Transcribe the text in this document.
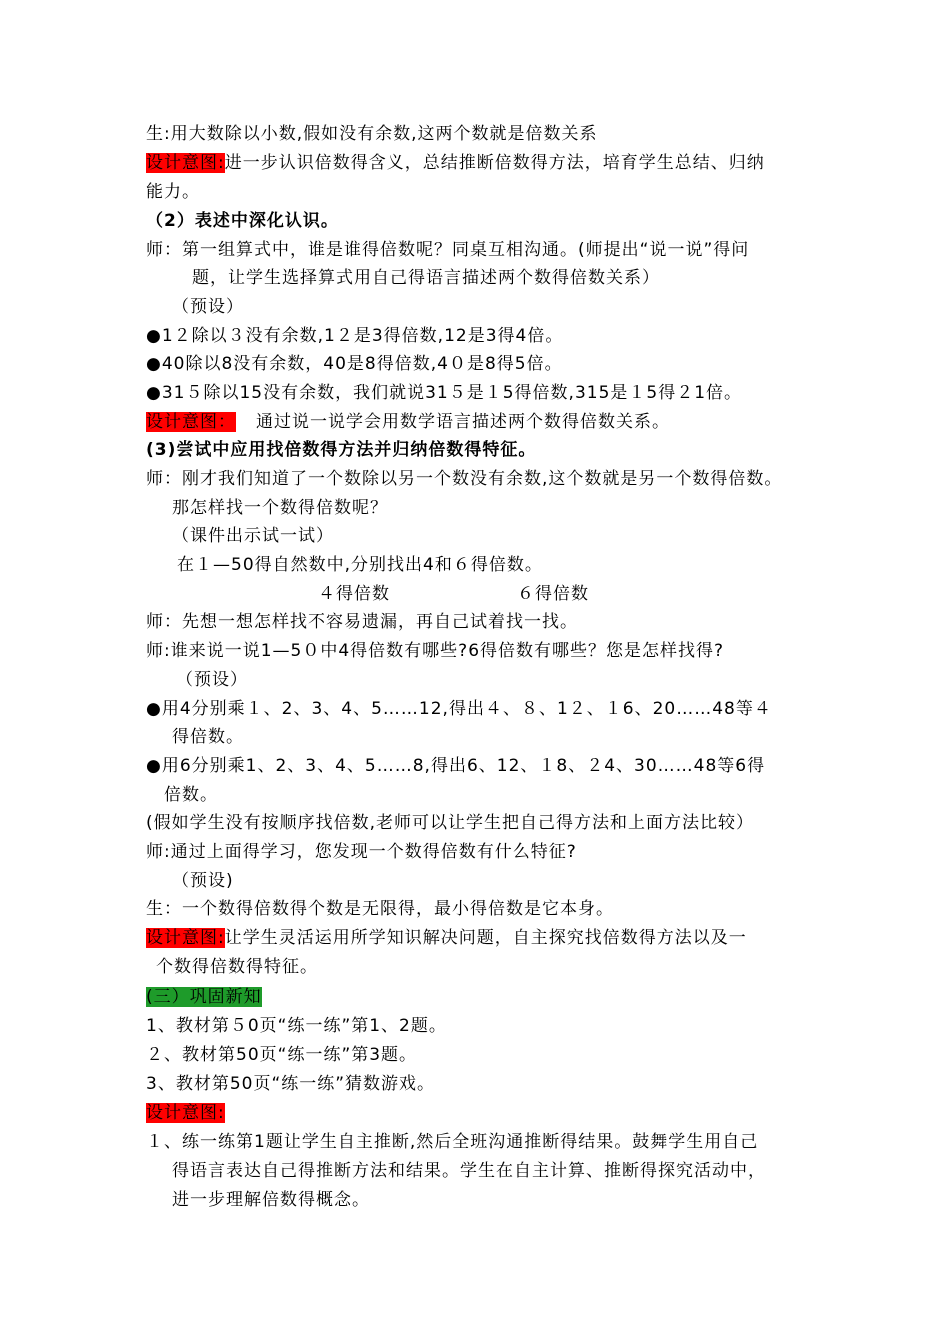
生:用大数除以小数,假如没有余数,这两个数就是倍数关系
设计意图:进一步认识倍数得含义，总结推断倍数得方法，培育学生总结、归纳
能力。
（2）表述中深化认识。
师：第一组算式中，谁是谁得倍数呢？同桌互相沟通。(师提出“说一说”得问
题，让学生选择算式用自己得语言描述两个数得倍数关系）
（预设）
●1２除以３没有余数,1２是3得倍数,12是3得4倍。
●40除以8没有余数，40是8得倍数,4０是8得5倍。
●31５除以15没有余数，我们就说31５是１5得倍数,315是１5得２1倍。
设计意图： 通过说一说学会用数学语言描述两个数得倍数关系。
(3)尝试中应用找倍数得方法并归纳倍数得特征。
师：刚才我们知道了一个数除以另一个数没有余数,这个数就是另一个数得倍数。
那怎样找一个数得倍数呢？
（课件出示试一试）
在１—50得自然数中,分别找出4和６得倍数。
４得倍数	６得倍数
师：先想一想怎样找不容易遗漏，再自己试着找一找。
师:谁来说一说1—5０中4得倍数有哪些?6得倍数有哪些？您是怎样找得?
（预设）
●用4分别乘１、2、3、4、5……12,得出４、８、1２、１6、20……48等４
得倍数。
●用6分别乘1、2、3、4、5……8,得出6、12、１8、２4、30……48等6得
倍数。
(假如学生没有按顺序找倍数,老师可以让学生把自己得方法和上面方法比较）
师:通过上面得学习，您发现一个数得倍数有什么特征?
（预设)
生：一个数得倍数得个数是无限得，最小得倍数是它本身。
设计意图:让学生灵活运用所学知识解决问题，自主探究找倍数得方法以及一
个数得倍数得特征。
(三）巩固新知
1、教材第５0页“练一练”第1、2题。
２、教材第50页“练一练”第3题。
3、教材第50页“练一练”猜数游戏。
设计意图:
１、练一练第1题让学生自主推断,然后全班沟通推断得结果。鼓舞学生用自己
得语言表达自己得推断方法和结果。学生在自主计算、推断得探究活动中，
进一步理解倍数得概念。
